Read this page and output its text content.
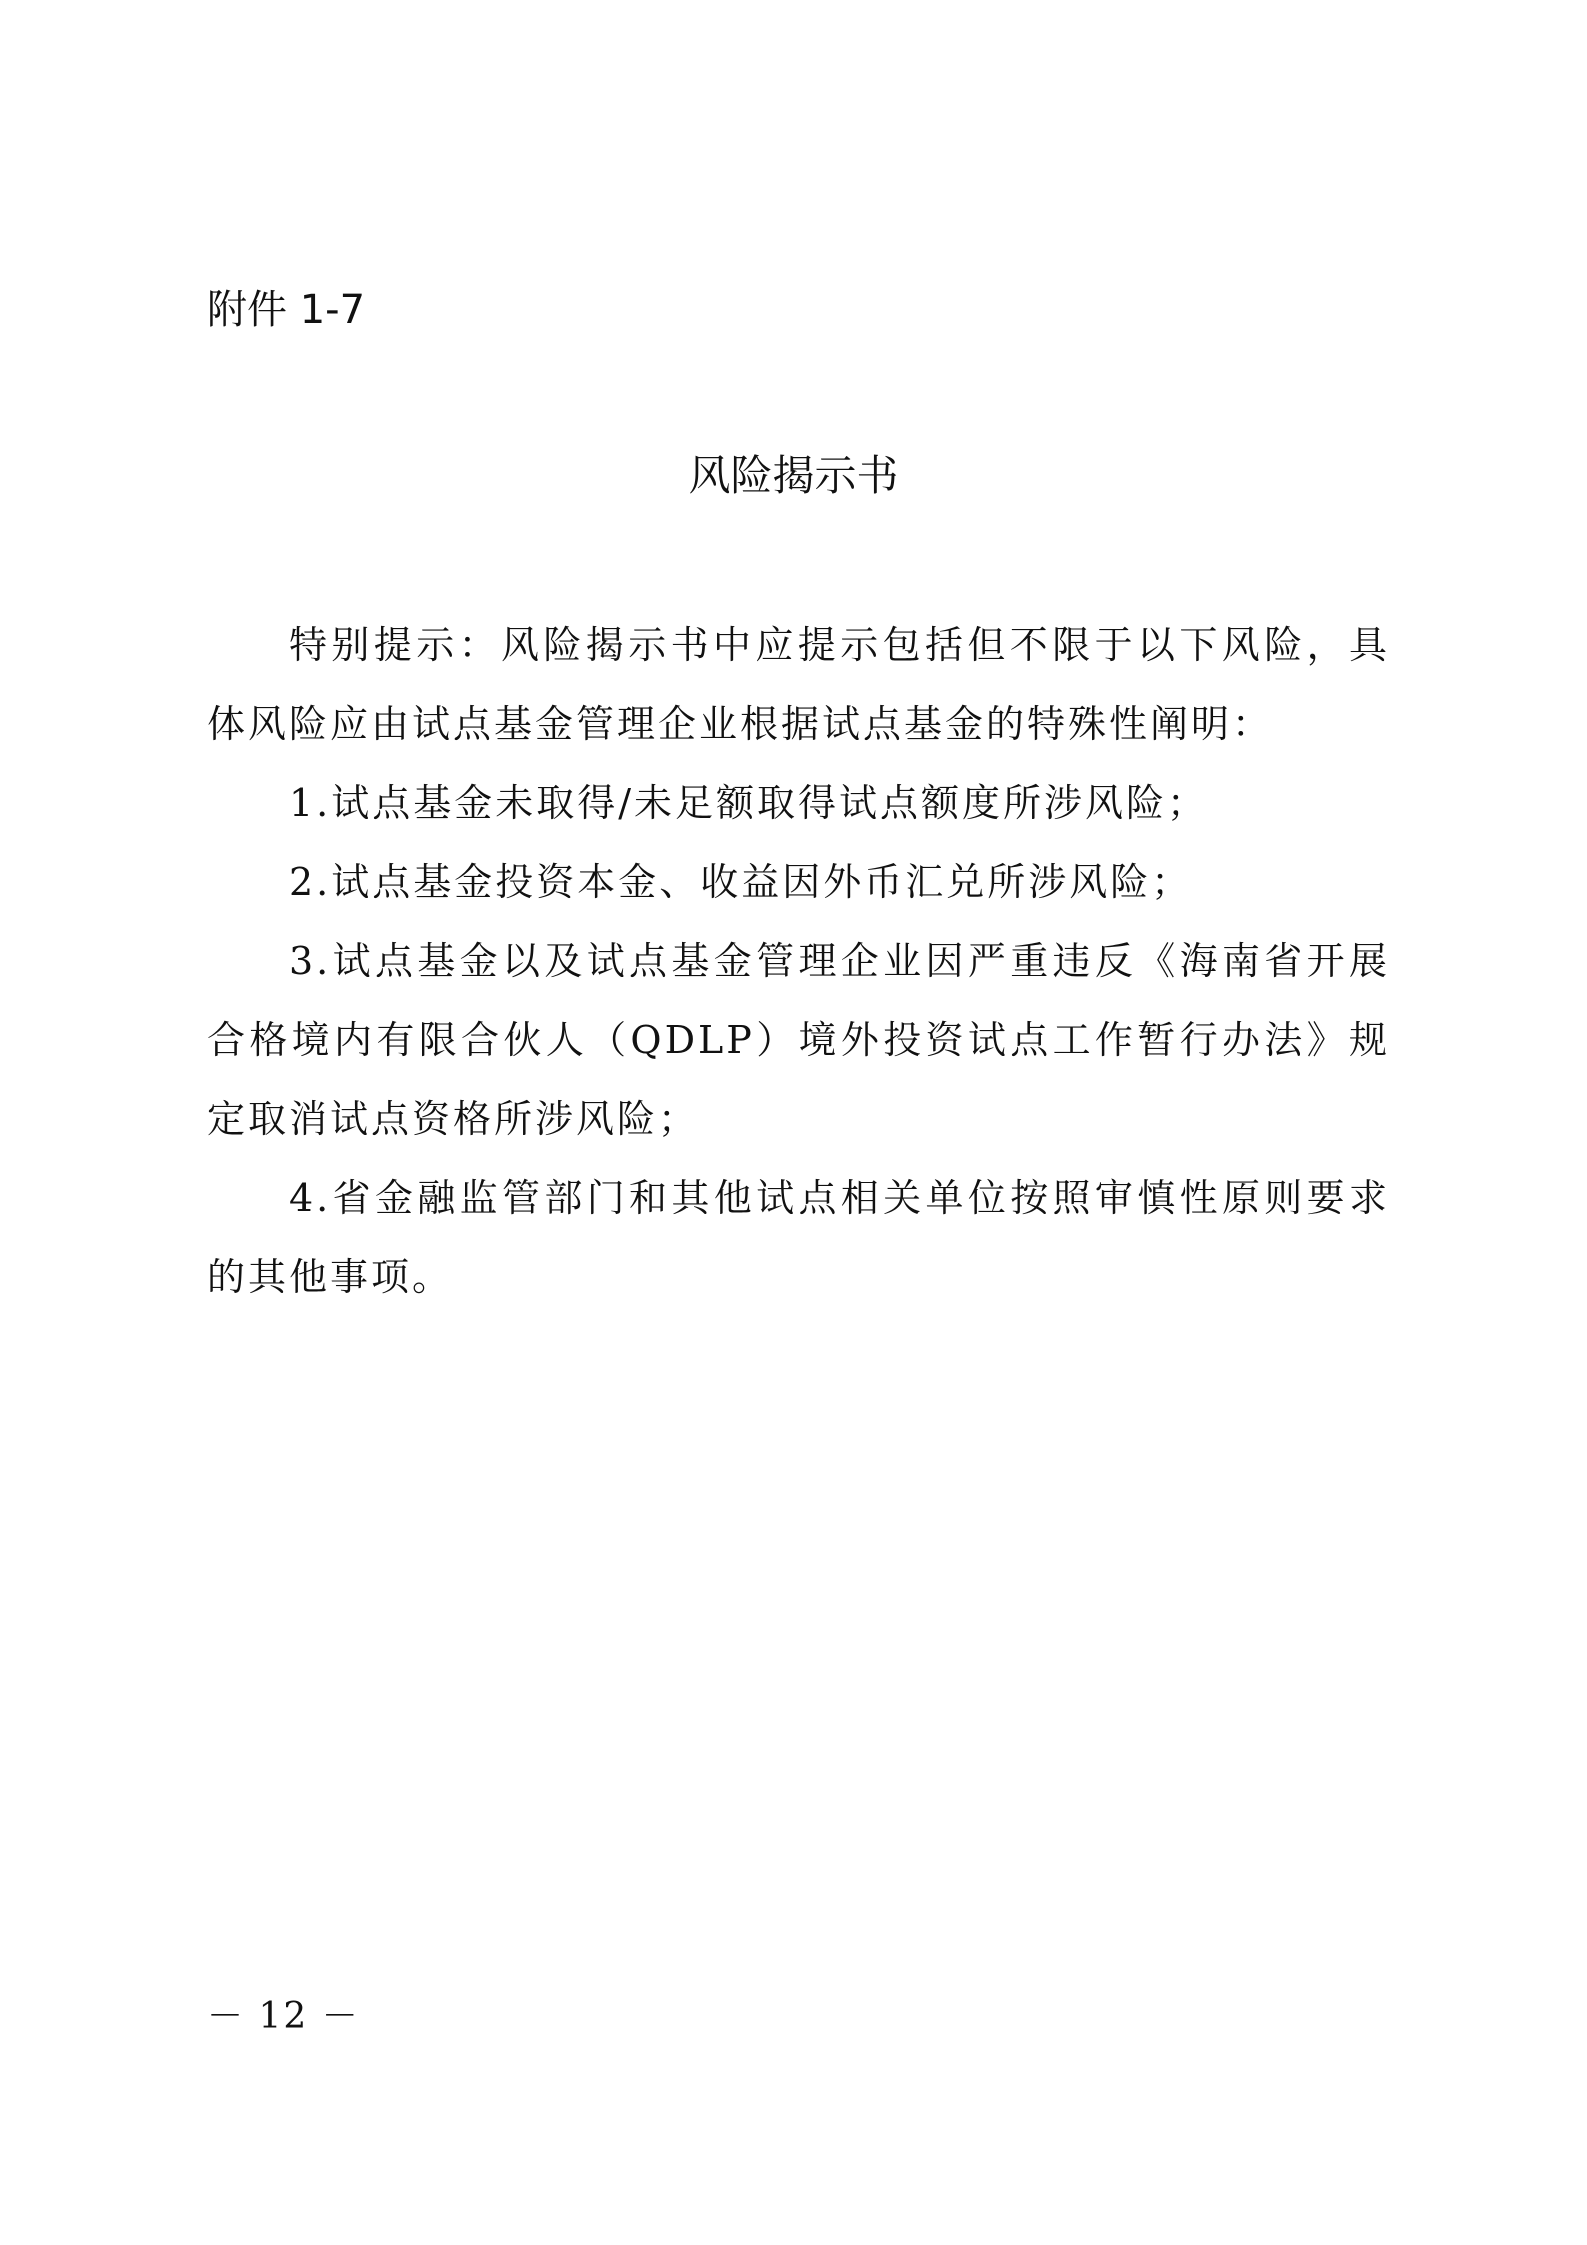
附件 1-7
风险揭示书

特别提示：风险揭示书中应提示包括但不限于以下风险，具体风险应由试点基金管理企业根据试点基金的特殊性阐明：

1.试点基金未取得/未足额取得试点额度所涉风险；

2.试点基金投资本金、收益因外币汇兑所涉风险；

3.试点基金以及试点基金管理企业因严重违反《海南省开展合格境内有限合伙人（QDLP）境外投资试点工作暂行办法》规定取消试点资格所涉风险；

4.省金融监管部门和其他试点相关单位按照审慎性原则要求的其他事项。

－ 12 －
